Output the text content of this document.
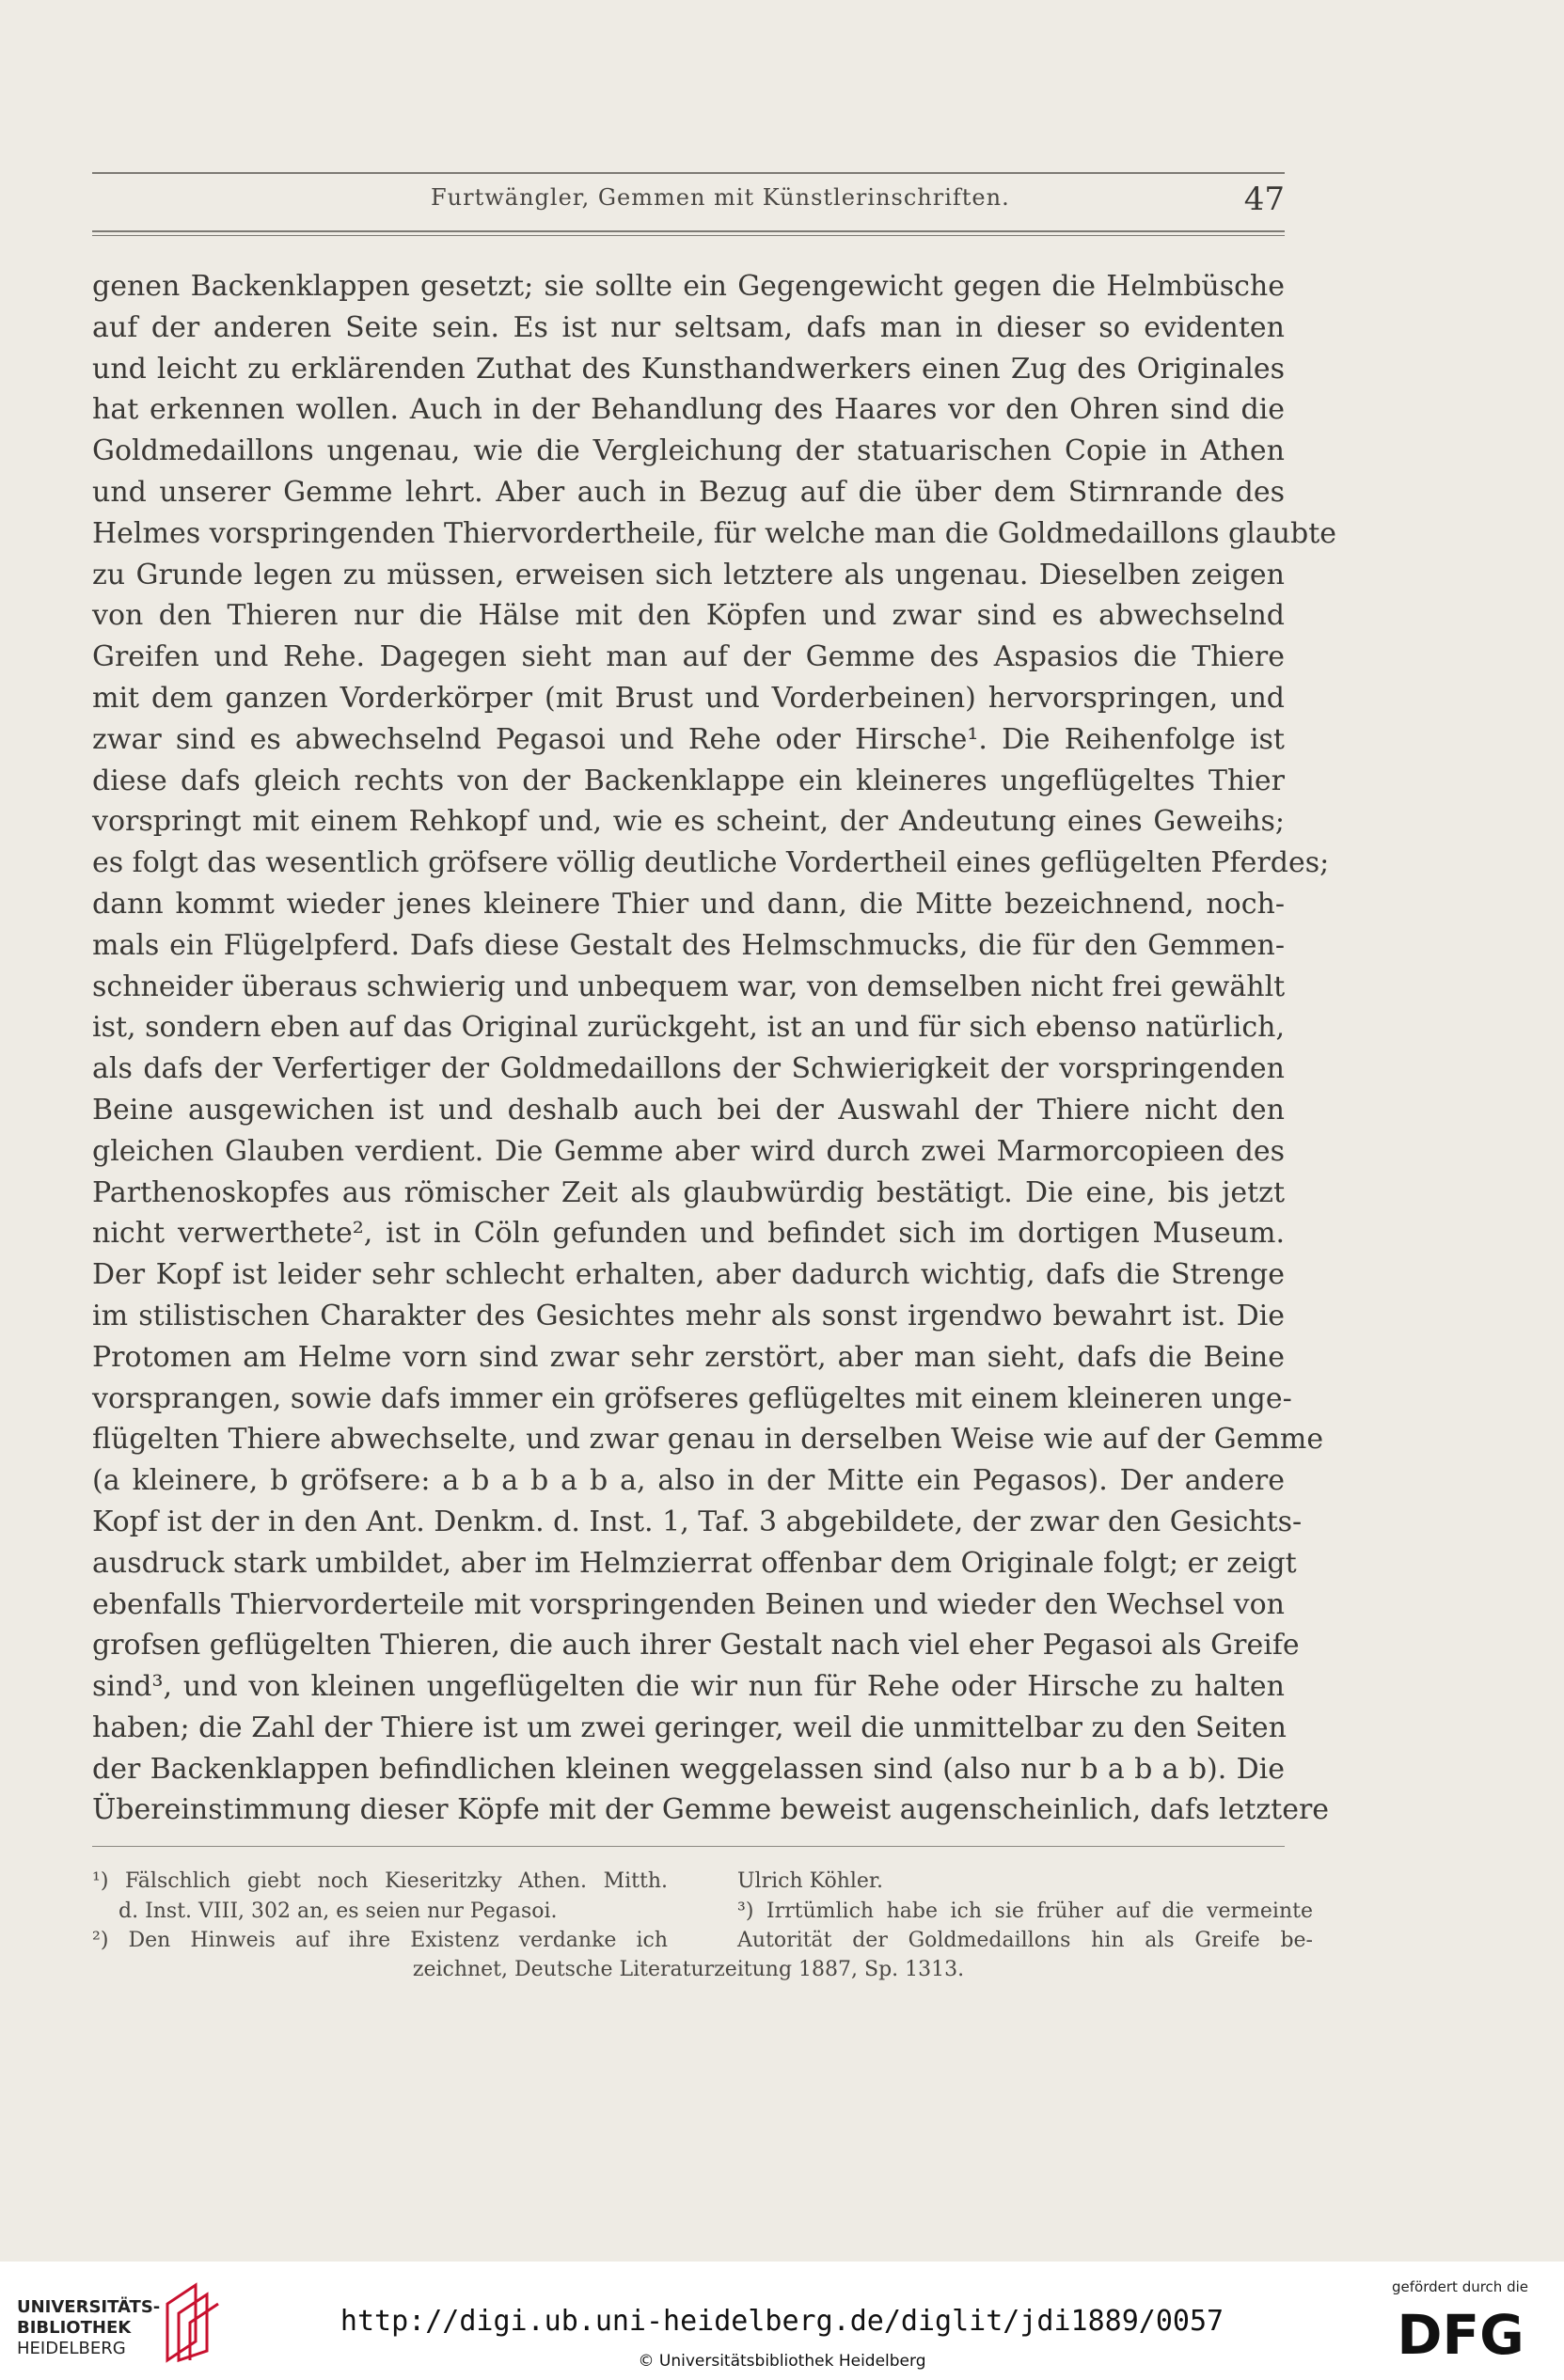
Furtwängler, Gemmen mit Künstlerinschriften.	47
genen Backenklappen gesetzt; sie sollte ein Gegengewicht gegen die Helmbüsche
auf der anderen Seite sein. Es ist nur seltsam, dafs man in dieser so evidenten
und leicht zu erklärenden Zuthat des Kunsthandwerkers einen Zug des Originales
hat erkennen wollen. Auch in der Behandlung des Haares vor den Ohren sind die
Goldmedaillons ungenau, wie die Vergleichung der statuarischen Copie in Athen
und unserer Gemme lehrt. Aber auch in Bezug auf die über dem Stirnrande des
Helmes vorspringenden Thiervordertheile, für welche man die Goldmedaillons glaubte
zu Grunde legen zu müssen, erweisen sich letztere als ungenau. Dieselben zeigen
von den Thieren nur die Hälse mit den Köpfen und zwar sind es abwechselnd
Greifen und Rehe. Dagegen sieht man auf der Gemme des Aspasios die Thiere
mit dem ganzen Vorderkörper (mit Brust und Vorderbeinen) hervorspringen, und
zwar sind es abwechselnd Pegasoi und Rehe oder Hirsche¹. Die Reihenfolge ist
diese dafs gleich rechts von der Backenklappe ein kleineres ungeflügeltes Thier
vorspringt mit einem Rehkopf und, wie es scheint, der Andeutung eines Geweihs;
es folgt das wesentlich gröfsere völlig deutliche Vordertheil eines geflügelten Pferdes;
dann kommt wieder jenes kleinere Thier und dann, die Mitte bezeichnend, noch-
mals ein Flügelpferd. Dafs diese Gestalt des Helmschmucks, die für den Gemmen-
schneider überaus schwierig und unbequem war, von demselben nicht frei gewählt
ist, sondern eben auf das Original zurückgeht, ist an und für sich ebenso natürlich,
als dafs der Verfertiger der Goldmedaillons der Schwierigkeit der vorspringenden
Beine ausgewichen ist und deshalb auch bei der Auswahl der Thiere nicht den
gleichen Glauben verdient. Die Gemme aber wird durch zwei Marmorcopieen des
Parthenoskopfes aus römischer Zeit als glaubwürdig bestätigt. Die eine, bis jetzt
nicht verwerthete², ist in Cöln gefunden und befindet sich im dortigen Museum.
Der Kopf ist leider sehr schlecht erhalten, aber dadurch wichtig, dafs die Strenge
im stilistischen Charakter des Gesichtes mehr als sonst irgendwo bewahrt ist. Die
Protomen am Helme vorn sind zwar sehr zerstört, aber man sieht, dafs die Beine
vorsprangen, sowie dafs immer ein gröfseres geflügeltes mit einem kleineren unge-
flügelten Thiere abwechselte, und zwar genau in derselben Weise wie auf der Gemme
(a kleinere, b gröfsere: a b a b a b a, also in der Mitte ein Pegasos). Der andere
Kopf ist der in den Ant. Denkm. d. Inst. 1, Taf. 3 abgebildete, der zwar den Gesichts-
ausdruck stark umbildet, aber im Helmzierrat offenbar dem Originale folgt; er zeigt
ebenfalls Thiervorderteile mit vorspringenden Beinen und wieder den Wechsel von
grofsen geflügelten Thieren, die auch ihrer Gestalt nach viel eher Pegasoi als Greife
sind³, und von kleinen ungeflügelten die wir nun für Rehe oder Hirsche zu halten
haben; die Zahl der Thiere ist um zwei geringer, weil die unmittelbar zu den Seiten
der Backenklappen befindlichen kleinen weggelassen sind (also nur b a b a b). Die
Übereinstimmung dieser Köpfe mit der Gemme beweist augenscheinlich, dafs letztere
¹) Fälschlich giebt noch Kieseritzky Athen. Mitth.
d. Inst. VIII, 302 an, es seien nur Pegasoi.
²) Den Hinweis auf ihre Existenz verdanke ich
Ulrich Köhler.
³) Irrtümlich habe ich sie früher auf die vermeinte
Autorität der Goldmedaillons hin als Greife be-
zeichnet, Deutsche Literaturzeitung 1887, Sp. 1313.
UNIVERSITÄTS-
BIBLIOTHEK
HEIDELBERG
http://digi.ub.uni-heidelberg.de/diglit/jdi1889/0057
© Universitätsbibliothek Heidelberg
gefördert durch die
DFG
